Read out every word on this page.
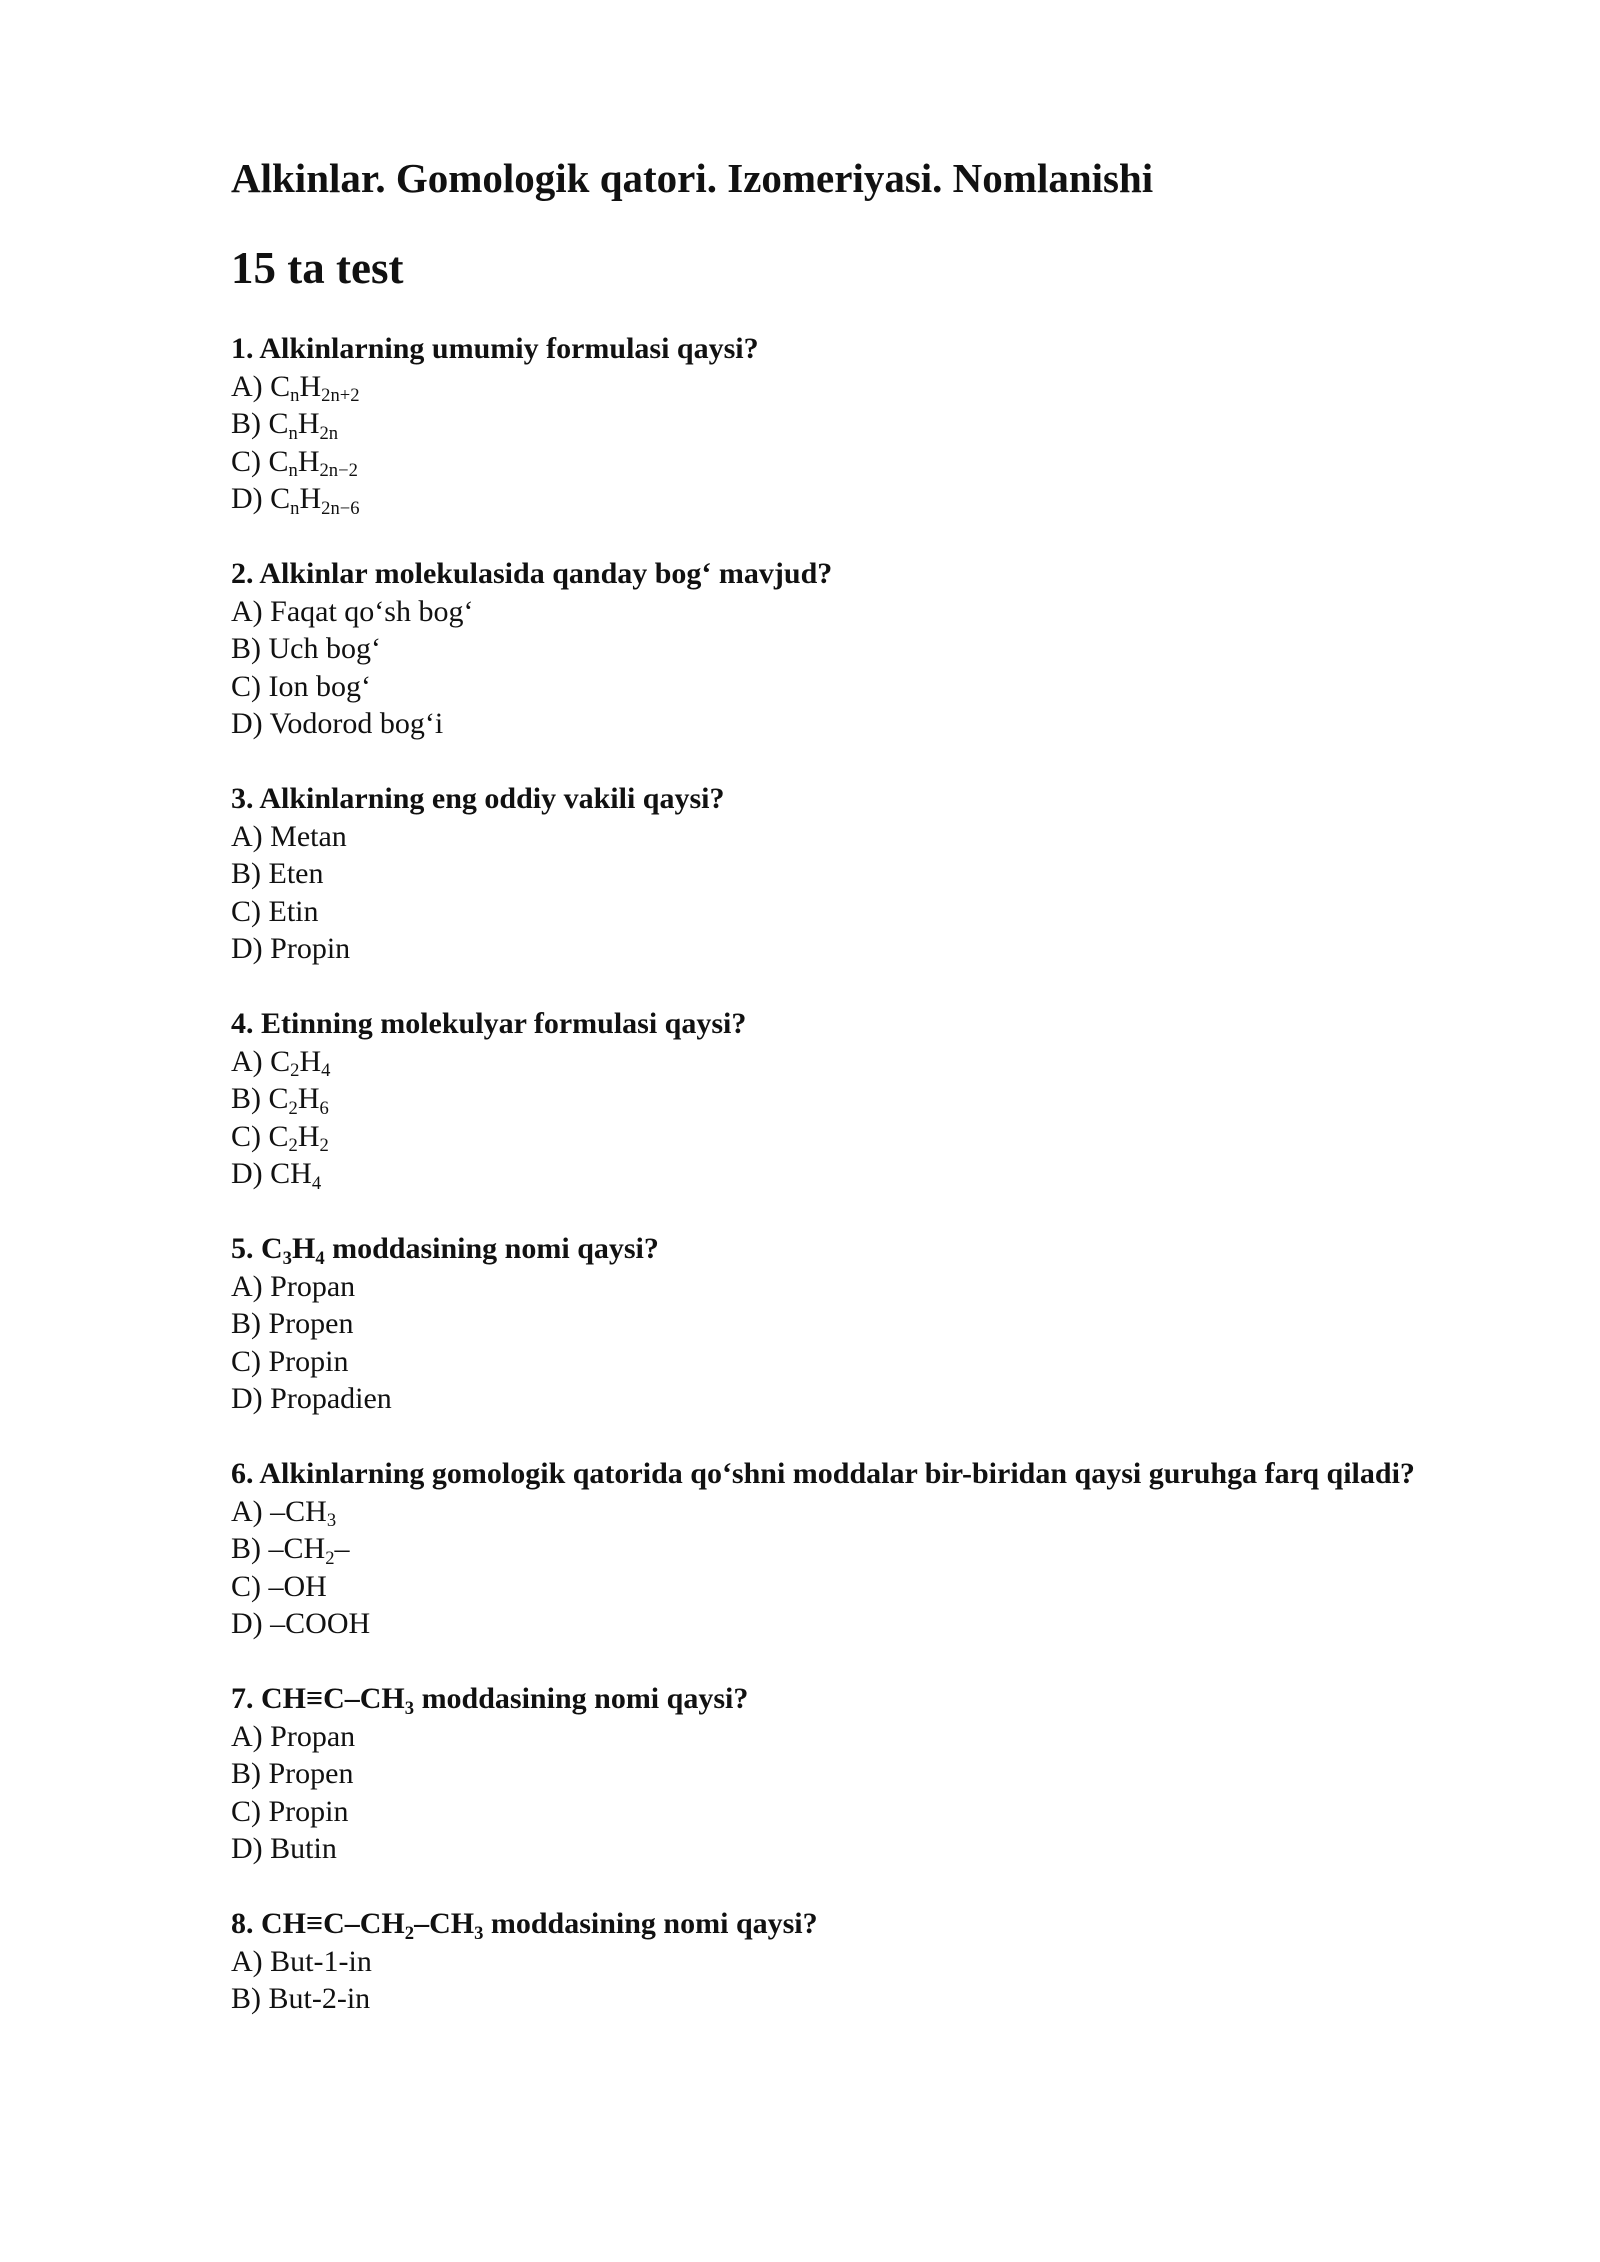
Alkinlar. Gomologik qatori. Izomeriyasi. Nomlanishi
15 ta test
1. Alkinlarning umumiy formulasi qaysi?
A) $C_nH_{2n+2}$
B) $C_nH_{2n}$
C) $C_nH_{2n-2}$
D) $C_nH_{2n-6}$
2. Alkinlar molekulasida qanday bog‘ mavjud?
A) Faqat qo‘sh bog‘
B) Uch bog‘
C) Ion bog‘
D) Vodorod bog‘i
3. Alkinlarning eng oddiy vakili qaysi?
A) Metan
B) Eten
C) Etin
D) Propin
4. Etinning molekulyar formulasi qaysi?
A) $C_2H_4$
B) $C_2H_6$
C) $C_2H_2$
D) $CH_4$
5. $C_3H_4$ moddasining nomi qaysi?
A) Propan
B) Propen
C) Propin
D) Propadien
6. Alkinlarning gomologik qatorida qo‘shni moddalar bir-biridan qaysi guruhga farq qiladi?
A) $-CH_3$
B) $-CH_2-$
C) –OH
D) –COOH
7. $CH\equiv C-CH_3$ moddasining nomi qaysi?
A) Propan
B) Propen
C) Propin
D) Butin
8. $CH\equiv C-CH_2-CH_3$ moddasining nomi qaysi?
A) But-1-in
B) But-2-in
